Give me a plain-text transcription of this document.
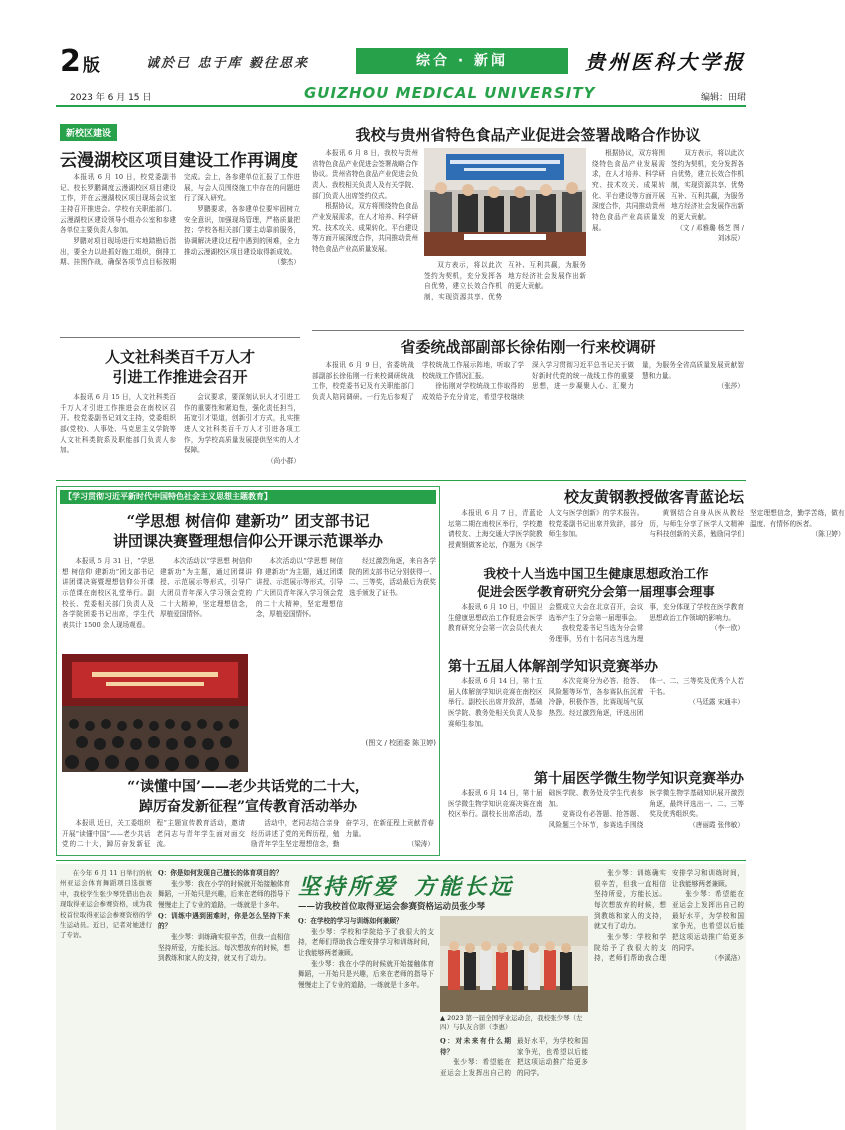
2 版	诚於已 忠于库 毅往思来	综合 · 新闻	贵州医科大学报
2023 年 6 月 15 日	GUIZHOU MEDICAL UNIVERSITY	编辑：田珺
新校区建设
云漫湖校区项目建设工作再调度

本报讯 6 月 10 日，校党委副书记、校长罗鹏调度云漫湖校区项目建设工作，并在云漫湖校区项目现场会议室主持召开推进会。学校有关职能部门、云漫湖校区建设领导小组办公室和参建各单位主要负责人参加。

罗鹏对项目现场进行实地踏勘后指出，要全力以赴抓好施工组织，倒排工期、挂图作战，确保各项节点目标按期完成。会上，各参建单位汇报了工作进展，与会人员围绕施工中存在的问题进行了深入研究。

罗鹏要求，各参建单位要牢固树立安全意识，加强现场管理，严格质量把控；学校各相关部门要主动靠前服务，协调解决建设过程中遇到的困难，全力推动云漫湖校区项目建设取得新成效。

（黎杰）
人文社科类百千万人才
引进工作推进会召开

本报讯 6 月 15 日，人文社科类百千万人才引进工作推进会在南校区召开。校党委副书记刘文主持，党委组织部(党校)、人事处、马克思主义学院等人文社科类院系及职能部门负责人参加。

会议要求，要深刻认识人才引进工作的重要性和紧迫性，强化责任担当，拓宽引才渠道，创新引才方式，扎实推进人文社科类百千万人才引进各项工作，为学校高质量发展提供坚实的人才保障。

（尚小群）
我校与贵州省特色食品产业促进会签署战略合作协议

本报讯 6 月 8 日，我校与贵州省特色食品产业促进会签署战略合作协议。贵州省特色食品产业促进会负责人、我校相关负责人及有关学院、部门负责人出席签约仪式。

根据协议，双方将围绕特色食品产业发展需求，在人才培养、科学研究、技术攻关、成果转化、平台建设等方面开展深度合作，共同推动贵州特色食品产业高质量发展。

双方表示，将以此次签约为契机，充分发挥各自优势，建立长效合作机制，实现资源共享、优势互补、互利共赢，为服务地方经济社会发展作出新的更大贡献。

根据协议，双方将围绕特色食品产业发展需求，在人才培养、科学研究、技术攻关、成果转化、平台建设等方面开展深度合作，共同推动贵州特色食品产业高质量发展。

双方表示，将以此次签约为契机，充分发挥各自优势，建立长效合作机制，实现资源共享、优势互补、互利共赢，为服务地方经济社会发展作出新的更大贡献。

（文 / 邓雅璐 杨芝 图 / 刘冰辰）
省委统战部副部长徐佑刚一行来校调研

本报讯 6 月 9 日，省委统战部副部长徐佑刚一行来校调研统战工作，校党委书记及有关职能部门负责人陪同调研。一行先后参观了学校统战工作展示阵地，听取了学校统战工作情况汇报。

徐佑刚对学校统战工作取得的成效给予充分肯定，希望学校继续深入学习贯彻习近平总书记关于做好新时代党的统一战线工作的重要思想，进一步凝聚人心、汇聚力量，为服务全省高质量发展贡献智慧和力量。

（张莎）
【学习贯彻习近平新时代中国特色社会主义思想主题教育】
“学思想 树信仰 建新功” 团支部书记
讲団课决赛暨理想信仰公开课示范课举办

本报讯 5 月 31 日，“学思想 树信仰 建新功”团支部书记讲团课决赛暨理想信仰公开课示范课在南校区礼堂举行。副校长、党委相关部门负责人及各学院团委书记出席，学生代表共计 1500 余人现场观看。

本次活动以“学思想 树信仰 建新功”为主题，通过团课讲授、示范展示等形式，引导广大团员青年深入学习领会党的二十大精神，坚定理想信念，厚植爱国情怀。

本次活动以“学思想 树信仰 建新功”为主题，通过团课讲授、示范展示等形式，引导广大团员青年深入学习领会党的二十大精神，坚定理想信念，厚植爱国情怀。

经过激烈角逐，来自各学院的团支部书记分别获得一、二、三等奖，活动最后为获奖选手颁发了证书。

(图文 / 校团委 陈卫婷)
“‘读懂中国’——老少共话党的二十大，
踔厉奋发新征程”宣传教育活动举办

本报讯 近日，关工委组织开展“读懂中国”——老少共话党的二十大，踔厉奋发新征程”主题宣传教育活动，邀请老同志与青年学生面对面交流。

活动中，老同志结合亲身经历讲述了党的光辉历程，勉励青年学生坚定理想信念，勤奋学习，在新征程上贡献青春力量。

（梁涛）
校友黄钢教授做客青蓝论坛

本报讯 6 月 7 日，青蓝论坛第二期在南校区举行，学校邀请校友、上海交通大学医学院教授黄钢做客论坛，作题为《医学人文与医学创新》的学术报告。校党委副书记出席并致辞，部分师生参加。

黄钢结合自身从医从教经历，与师生分享了医学人文精神与科技创新的关系，勉励同学们坚定理想信念，勤学苦练，做有温度、有情怀的医者。

（陈卫婷）
我校十人当选中国卫生健康思想政治工作
促进会医学教育研究分会第一届理事会理事

本报讯 6 月 10 日，中国卫生健康思想政治工作促进会医学教育研究分会第一次会员代表大会暨成立大会在北京召开，会议选举产生了分会第一届理事会。

我校党委书记当选为分会常务理事，另有十名同志当选为理事，充分体现了学校在医学教育思想政治工作领域的影响力。

（李一欧）
第十五届人体解剖学知识竞赛举办

本报讯 6 月 14 日，第十五届人体解剖学知识竞赛在南校区举行。副校长出席并致辞，基础医学院、教务处相关负责人及参赛师生参加。

本次竞赛分为必答、抢答、风险题等环节，各参赛队伍沉着冷静，积极作答，比赛现场气氛热烈。经过激烈角逐，评选出团体一、二、三等奖及优秀个人若干名。

（马廷露 宋通丰）
第十届医学微生物学知识竞赛举办

本报讯 6 月 14 日，第十届医学微生物学知识竞赛决赛在南校区举行。副校长出席活动，基础医学院、教务处及学生代表参加。

竞赛设有必答题、抢答题、风险题三个环节，参赛选手围绕医学微生物学基础知识展开激烈角逐，最终评选出一、二、三等奖及优秀组织奖。

（唐丽霞 张伟敏）

在今年 6 月 11 日举行的杭州亚运会体育舞蹈项目选拔赛中，我校学生张少琴凭借出色表现取得亚运会参赛资格，成为我校首位取得亚运会参赛资格的学生运动员。近日，记者对她进行了专访。

Q：你是如何发现自己擅长的体育项目的？

张少琴：我在小学的时候就开始接触体育舞蹈，一开始只是兴趣，后来在老师的指导下慢慢走上了专业的道路，一练就是十多年。

Q：训练中遇到困难时，你是怎么坚持下来的？

张少琴：训练确实很辛苦，但我一直相信坚持所爱，方能长远。每次想放弃的时候，想到教练和家人的支持，就又有了动力。

坚持所爱 方能长远
——访我校首位取得亚运会参赛资格运动员张少琴

Q：在学校的学习与训练如何兼顾？

张少琴：学校和学院给予了我很大的支持，老师们帮助我合理安排学习和训练时间，让我能够两者兼顾。

张少琴：我在小学的时候就开始接触体育舞蹈，一开始只是兴趣，后来在老师的指导下慢慢走上了专业的道路，一练就是十多年。

▲ 2023 第一届全国学业运动会，我校张少琴（左四）与队友合影（李惠）

Q：对未来有什么期待？

张少琴：希望能在亚运会上发挥出自己的最好水平，为学校和国家争光，也希望以后能把这项运动推广给更多的同学。

张少琴：训练确实很辛苦，但我一直相信坚持所爱，方能长远。每次想放弃的时候，想到教练和家人的支持，就又有了动力。

张少琴：学校和学院给予了我很大的支持，老师们帮助我合理安排学习和训练时间，让我能够两者兼顾。

张少琴：希望能在亚运会上发挥出自己的最好水平，为学校和国家争光，也希望以后能把这项运动推广给更多的同学。

（李溪洛）
